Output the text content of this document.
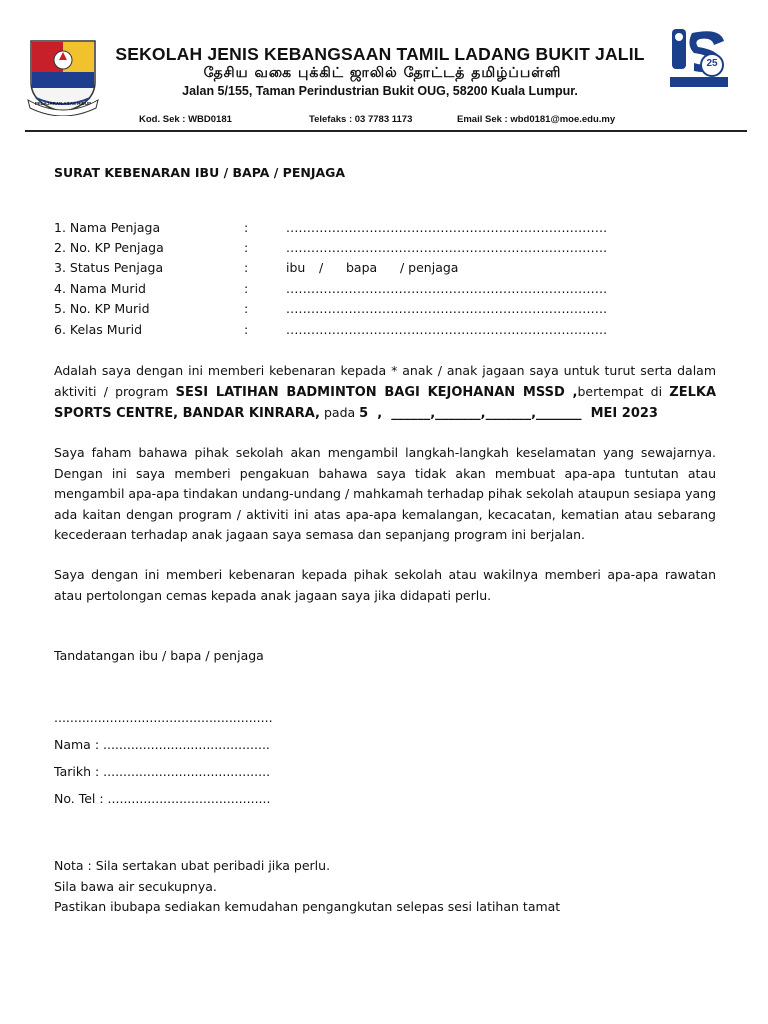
PELAJARAN ASAS HIDUP
SEKOLAH JENIS KEBANGSAAN TAMIL LADANG BUKIT JALIL
தேசிய வகை புக்கிட் ஜாலில் தோட்டத் தமிழ்ப்பள்ளி
Jalan 5/155, Taman Perindustrian Bukit OUG, 58200 Kuala Lumpur.
25
Kod. Sek : WBD0181	Telefaks : 03 7783 1173	Email Sek : wbd0181@moe.edu.my
SURAT KEBENARAN IBU / BAPA / PENJAGA
1. Nama Penjaga	:	.............................................................................
2. No. KP Penjaga	:	.............................................................................
3. Status Penjaga	:	ibu / bapa / penjaga
4. Nama Murid	:	.............................................................................
5. No. KP Murid	:	.............................................................................
6. Kelas Murid	:	.............................................................................
Adalah saya dengan ini memberi kebenaran kepada * anak / anak jagaan saya untuk turut serta dalam aktiviti / program SESI LATIHAN BADMINTON BAGI KEJOHANAN MSSD ,bertempat di ZELKA SPORTS CENTRE, BANDAR KINRARA, pada 5  ,  ______,_______,_______,_______  MEI 2023
Saya faham bahawa pihak sekolah akan mengambil langkah-langkah keselamatan yang sewajarnya. Dengan ini saya memberi pengakuan bahawa saya tidak akan membuat apa-apa tuntutan atau mengambil apa-apa tindakan undang-undang / mahkamah terhadap pihak sekolah ataupun sesiapa yang ada kaitan dengan program / aktiviti ini atas apa-apa kemalangan, kecacatan, kematian atau sebarang kecederaan terhadap anak jagaan saya semasa dan sepanjang program ini berjalan.
Saya dengan ini memberi kebenaran kepada pihak sekolah atau wakilnya memberi apa-apa rawatan atau pertolongan cemas kepada anak jagaan saya jika didapati perlu.
Tandatangan ibu / bapa / penjaga
.......................................................
Nama : ..........................................
Tarikh : ..........................................
No. Tel : .........................................
Nota : Sila sertakan ubat peribadi jika perlu.
Sila bawa air secukupnya.
Pastikan ibubapa sediakan kemudahan pengangkutan selepas sesi latihan tamat
